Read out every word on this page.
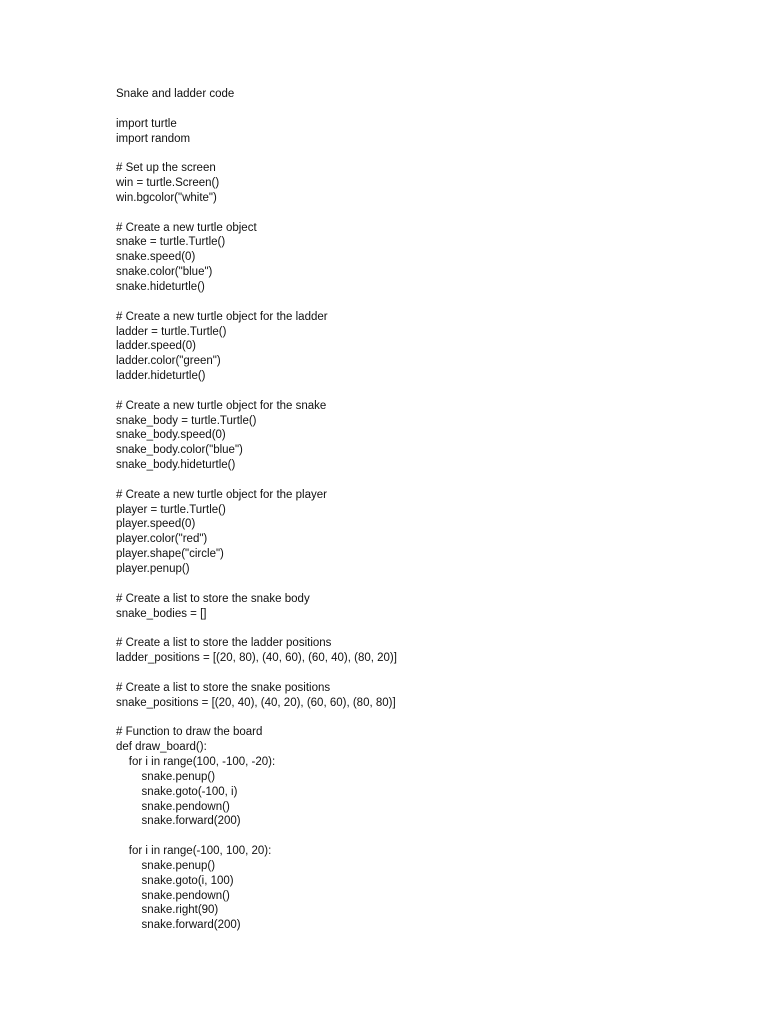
Snake and ladder code
import turtle
import random
# Set up the screen
win = turtle.Screen()
win.bgcolor("white")
# Create a new turtle object
snake = turtle.Turtle()
snake.speed(0)
snake.color("blue")
snake.hideturtle()
# Create a new turtle object for the ladder
ladder = turtle.Turtle()
ladder.speed(0)
ladder.color("green")
ladder.hideturtle()
# Create a new turtle object for the snake
snake_body = turtle.Turtle()
snake_body.speed(0)
snake_body.color("blue")
snake_body.hideturtle()
# Create a new turtle object for the player
player = turtle.Turtle()
player.speed(0)
player.color("red")
player.shape("circle")
player.penup()
# Create a list to store the snake body
snake_bodies = []
# Create a list to store the ladder positions
ladder_positions = [(20, 80), (40, 60), (60, 40), (80, 20)]
# Create a list to store the snake positions
snake_positions = [(20, 40), (40, 20), (60, 60), (80, 80)]
# Function to draw the board
def draw_board():
for i in range(100, -100, -20):
snake.penup()
snake.goto(-100, i)
snake.pendown()
snake.forward(200)
for i in range(-100, 100, 20):
snake.penup()
snake.goto(i, 100)
snake.pendown()
snake.right(90)
snake.forward(200)
